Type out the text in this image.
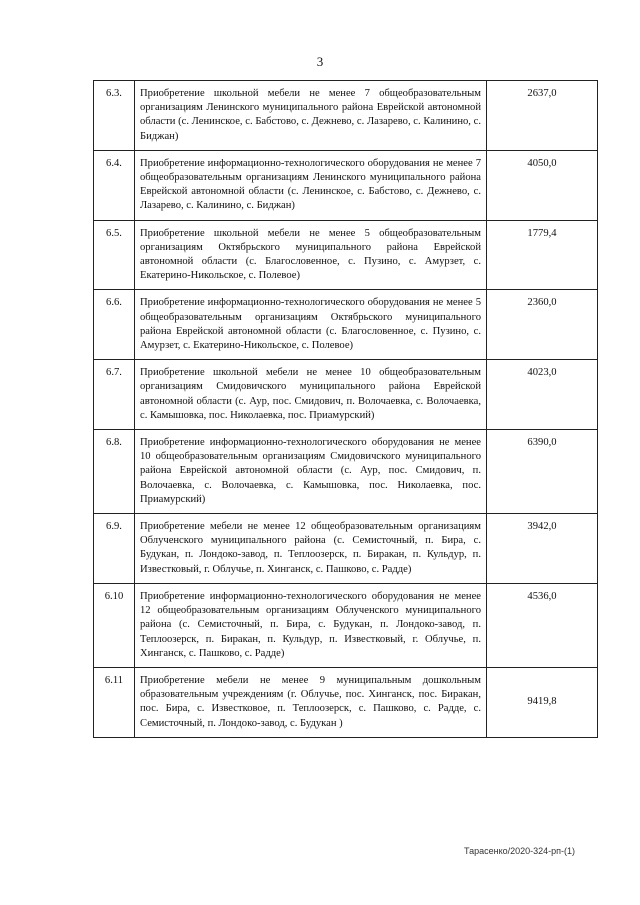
3
6.3.	Приобретение школьной мебели не менее 7 общеобразовательным организациям Ленинского муниципального района Еврейской автономной области (с. Ленинское, с. Бабстово, с. Дежнево, с. Лазарево, с. Калинино, с. Биджан)	2637,0
6.4.	Приобретение информационно-технологического оборудования не менее 7 общеобразовательным организациям Ленинского муниципального района Еврейской автономной области (с. Ленинское, с. Бабстово, с. Дежнево, с. Лазарево, с. Калинино, с. Биджан)	4050,0
6.5.	Приобретение школьной мебели не менее 5 общеобразовательным организациям Октябрьского муниципального района Еврейской автономной области (с. Благословенное, с. Пузино, с. Амурзет, с. Екатерино-Никольское, с. Полевое)	1779,4
6.6.	Приобретение информационно-технологического оборудования не менее 5 общеобразовательным организациям Октябрьского муниципального района Еврейской автономной области (с. Благословенное, с. Пузино, с. Амурзет, с. Екатерино-Никольское, с. Полевое)	2360,0
6.7.	Приобретение школьной мебели не менее 10 общеобразовательным организациям Смидовичского муниципального района Еврейской автономной области (с. Аур, пос. Смидович, п. Волочаевка, с. Волочаевка, с. Камышовка, пос. Николаевка, пос. Приамурский)	4023,0
6.8.	Приобретение информационно-технологического оборудования не менее 10 общеобразовательным организациям Смидовичского муниципального района Еврейской автономной области (с. Аур, пос. Смидович, п. Волочаевка, с. Волочаевка, с. Камышовка, пос. Николаевка, пос. Приамурский)	6390,0
6.9.	Приобретение мебели не менее 12 общеобразовательным организациям Облученского муниципального района (с. Семисточный, п. Бира, с. Будукан, п. Лондоко-завод, п. Теплоозерск, п. Биракан, п. Кульдур, п. Известковый, г. Облучье, п. Хинганск, с. Пашково, с. Радде)	3942,0
6.10	Приобретение информационно-технологического оборудования не менее 12 общеобразовательным организациям Облученского муниципального района (с. Семисточный, п. Бира, с. Будукан, п. Лондоко-завод, п. Теплоозерск, п. Биракан, п. Кульдур, п. Известковый, г. Облучье, п. Хинганск, с. Пашково, с. Радде)	4536,0
6.11	Приобретение мебели не менее 9 муниципальным дошкольным образовательным учреждениям (г. Облучье, пос. Хинганск, пос. Биракан, пос. Бира, с. Известковое, п. Теплоозерск, с. Пашково, с. Радде, с. Семисточный, п. Лондоко-завод, с. Будукан )	9419,8
Тарасенко/2020-324-рп-(1)
